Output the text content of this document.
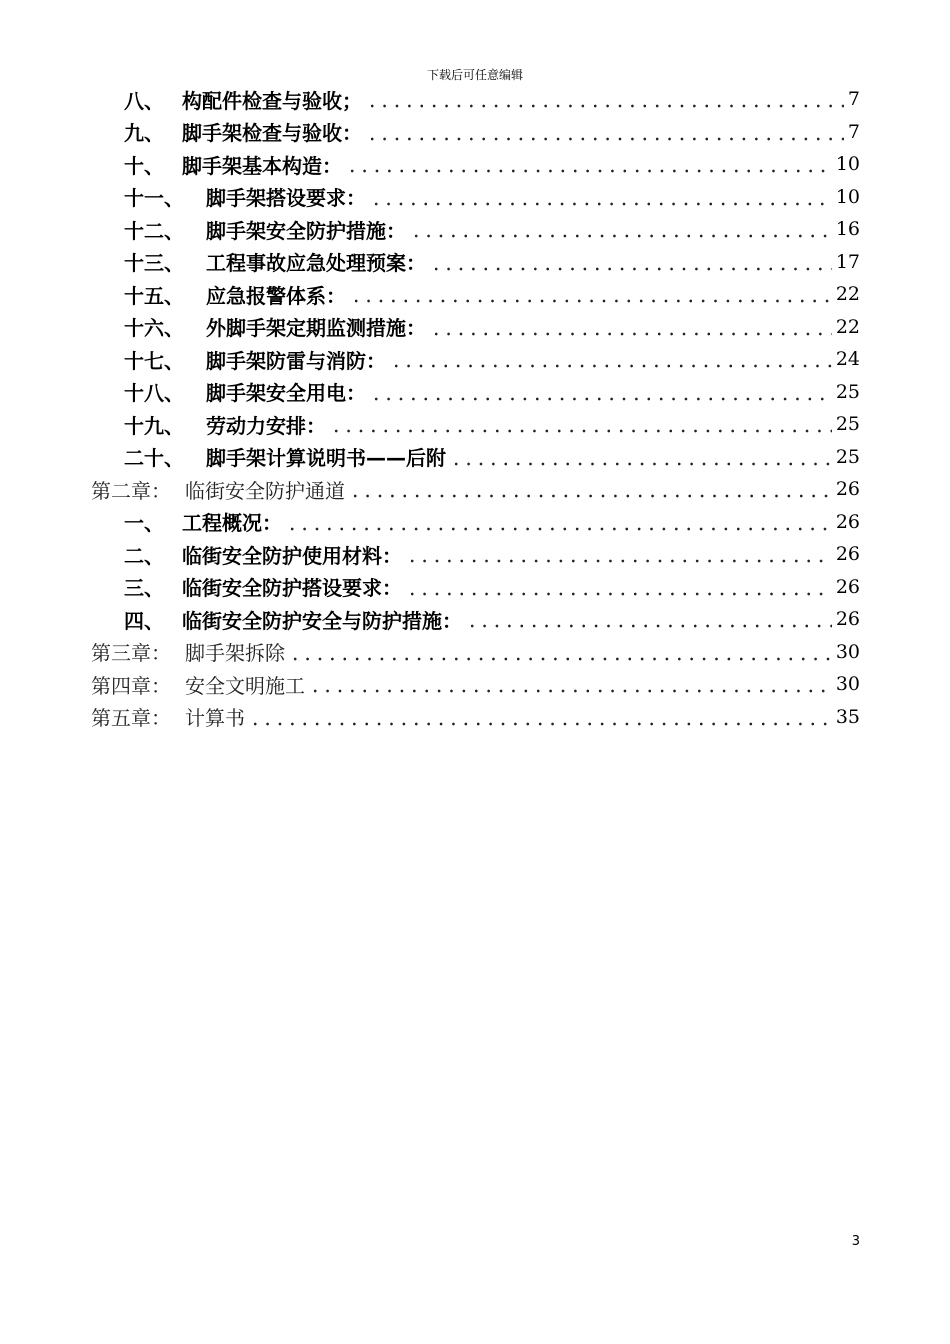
下载后可任意编辑
八、 构配件检查与验收；	7
九、 脚手架检查与验收：	7
十、 脚手架基本构造：	10
十一、	脚手架搭设要求：	10
十二、	脚手架安全防护措施：	16
十三、	工程事故应急处理预案：	17
十五、	应急报警体系：	22
十六、	外脚手架定期监测措施：	22
十七、	脚手架防雷与消防：	24
十八、	脚手架安全用电：	25
十九、	劳动力安排：	25
二十、	脚手架计算说明书——后附	25
第二章： 临街安全防护通道	26
一、 工程概况：	26
二、 临街安全防护使用材料：	26
三、 临街安全防护搭设要求：	26
四、 临街安全防护安全与防护措施：	26
第三章： 脚手架拆除	30
第四章： 安全文明施工	30
第五章： 计算书	35
3
